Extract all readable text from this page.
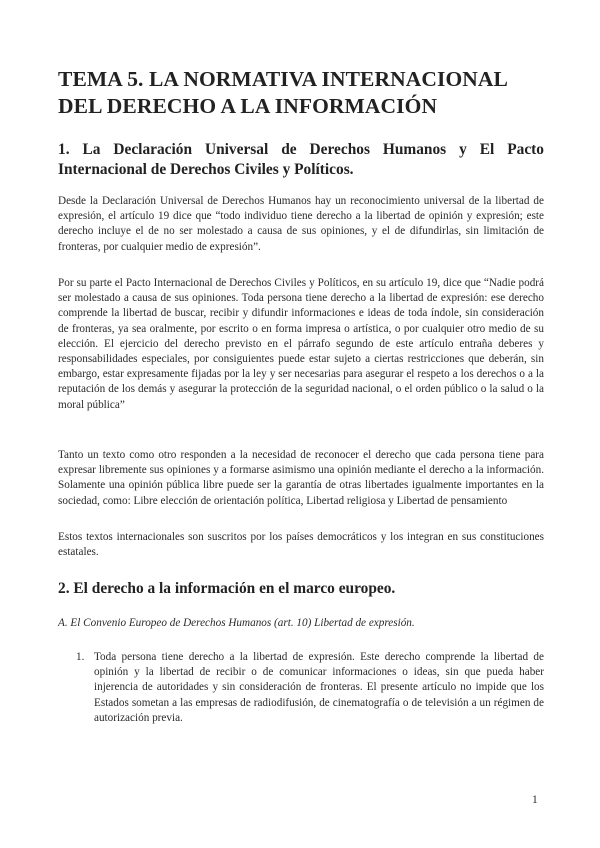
TEMA 5. LA NORMATIVA INTERNACIONAL DEL DERECHO A LA INFORMACIÓN
1. La Declaración Universal de Derechos Humanos y El Pacto Internacional de Derechos Civiles y Políticos.

Desde la Declaración Universal de Derechos Humanos hay un reconocimiento universal de la libertad de expresión, el artículo 19 dice que “todo individuo tiene derecho a la libertad de opinión y expresión; este derecho incluye el de no ser molestado a causa de sus opiniones, y el de difundirlas, sin limitación de fronteras, por cualquier medio de expresión”.

Por su parte el Pacto Internacional de Derechos Civiles y Políticos, en su artículo 19, dice que “Nadie podrá ser molestado a causa de sus opiniones. Toda persona tiene derecho a la libertad de expresión: ese derecho comprende la libertad de buscar, recibir y difundir informaciones e ideas de toda índole, sin consideración de fronteras, ya sea oralmente, por escrito o en forma impresa o artística, o por cualquier otro medio de su elección. El ejercicio del derecho previsto en el párrafo segundo de este artículo entraña deberes y responsabilidades especiales, por consiguientes puede estar sujeto a ciertas restricciones que deberán, sin embargo, estar expresamente fijadas por la ley y ser necesarias para asegurar el respeto a los derechos o a la reputación de los demás y asegurar la protección de la seguridad nacional, o el orden público o la salud o la moral pública”

Tanto un texto como otro responden a la necesidad de reconocer el derecho que cada persona tiene para expresar libremente sus opiniones y a formarse asimismo una opinión mediante el derecho a la información. Solamente una opinión pública libre puede ser la garantía de otras libertades igualmente importantes en la sociedad, como: Libre elección de orientación política, Libertad religiosa y Libertad de pensamiento

Estos textos internacionales son suscritos por los países democráticos y los integran en sus constituciones estatales.

2. El derecho a la información en el marco europeo.

A. El Convenio Europeo de Derechos Humanos (art. 10) Libertad de expresión.

1. Toda persona tiene derecho a la libertad de expresión. Este derecho comprende la libertad de opinión y la libertad de recibir o de comunicar informaciones o ideas, sin que pueda haber injerencia de autoridades y sin consideración de fronteras. El presente artículo no impide que los Estados sometan a las empresas de radiodifusión, de cinematografía o de televisión a un régimen de autorización previa.

1
